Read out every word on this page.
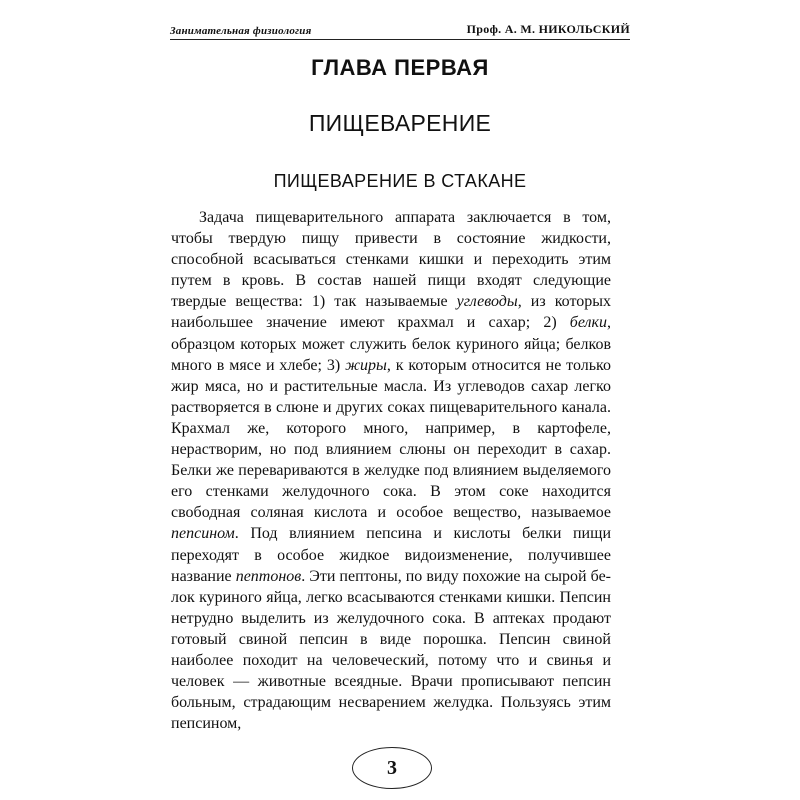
Занимательная физиология	Проф. А. М. НИКОЛЬСКИЙ
ГЛАВА ПЕРВАЯ
ПИЩЕВАРЕНИЕ
ПИЩЕВАРЕНИЕ В СТАКАНЕ

Задача пищеварительного аппарата заключается в том, чтобы твердую пищу привести в состояние жидкости, способной всасываться стенками кишки и переходить этим путем в кровь. В состав нашей пищи входят следующие твердые вещества: 1) так называемые углеводы, из которых наибольшее значение имеют крахмал и сахар; 2) белки, образцом которых может служить белок куриного яйца; белков много в мясе и хлебе; 3) жиры, к которым относится не только жир мяса, но и растительные масла. Из углеводов сахар легко растворяется в слюне и других соках пищеварительного канала. Крахмал же, которого много, например, в картофеле, нерастворим, но под влиянием слюны он переходит в сахар. Белки же перевариваются в желудке под влиянием выделяемого его стенками желудочного сока. В этом соке находится свободная соляная кислота и особое вещество, называемое пепсином. Под влиянием пепсина и кислоты белки пищи переходят в особое жидкое видоизменение, получившее название пептонов. Эти пептоны, по виду похожие на сырой белок куриного яйца, легко всасываются стенками кишки. Пепсин нетрудно выделить из желудочного сока. В аптеках продают готовый свиной пепсин в виде порошка. Пепсин свиной наиболее походит на человеческий, потому что и свинья и человек — животные всеядные. Врачи прописывают пепсин больным, страдающим несварением желудка. Пользуясь этим пепсином,

3
